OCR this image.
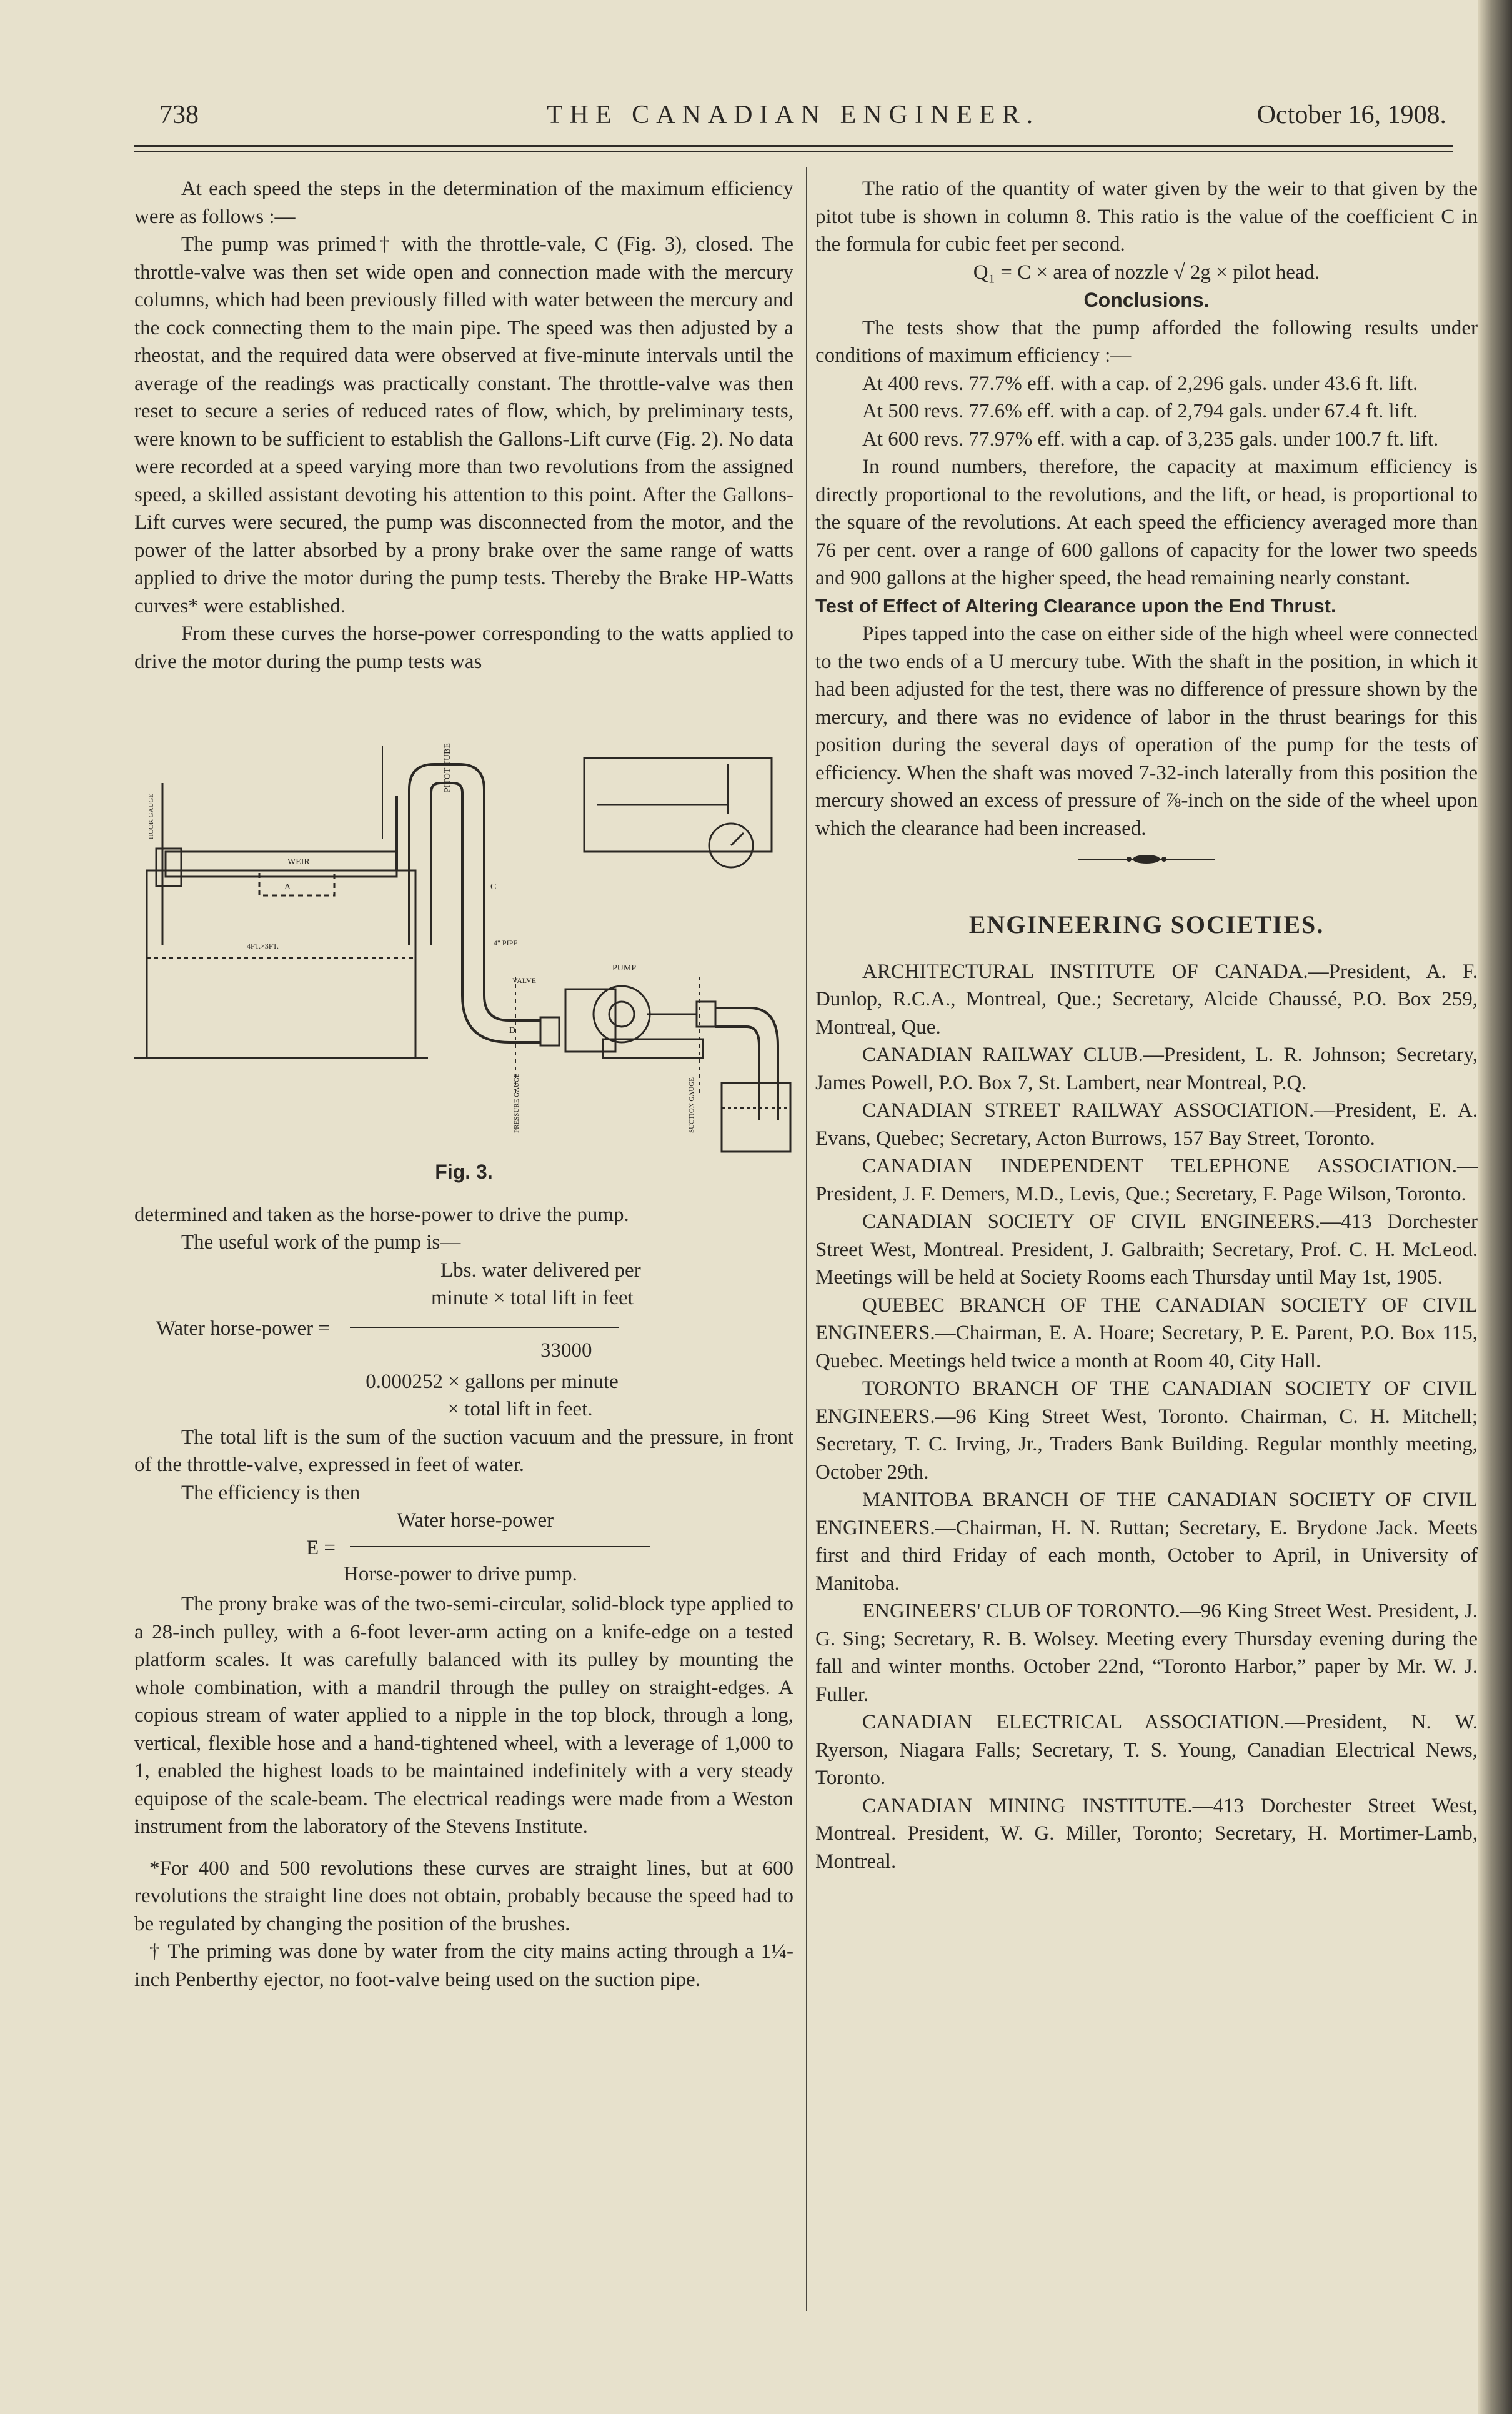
738	THE CANADIAN ENGINEER.	October 16, 1908.

At each speed the steps in the determination of the maximum efficiency were as follows :—

The pump was primed† with the throttle-vale, C (Fig. 3), closed. The throttle-valve was then set wide open and connection made with the mercury columns, which had been previously filled with water between the mercury and the cock connecting them to the main pipe. The speed was then adjusted by a rheostat, and the required data were observed at five-minute intervals until the average of the readings was practically constant. The throttle-valve was then reset to secure a series of reduced rates of flow, which, by preliminary tests, were known to be sufficient to establish the Gallons-Lift curve (Fig. 2). No data were recorded at a speed varying more than two revolutions from the assigned speed, a skilled assistant devoting his attention to this point. After the Gallons-Lift curves were secured, the pump was disconnected from the motor, and the power of the latter absorbed by a prony brake over the same range of watts applied to drive the motor during the pump tests. Thereby the Brake HP-Watts curves* were established.

From these curves the horse-power corresponding to the watts applied to drive the motor during the pump tests was

PITOT TUBE
WEIR
4FT.×3FT.
PUMP
VALVE
4" PIPE
PRESSURE GAUGE	SUCTION GAUGE
HOOK GAUGE
C
D
A
Fig. 3.

determined and taken as the horse-power to drive the pump.

The useful work of the pump is—

Lbs. water delivered per
minute × total lift in feet
Water horse-power =
33000

0.000252 × gallons per minute

× total lift in feet.

The total lift is the sum of the suction vacuum and the pressure, in front of the throttle-valve, expressed in feet of water.

The efficiency is then

Water horse-power
E =
Horse-power to drive pump.

The prony brake was of the two-semi-circular, solid-block type applied to a 28-inch pulley, with a 6-foot lever-arm acting on a knife-edge on a tested platform scales. It was carefully balanced with its pulley by mounting the whole combination, with a mandril through the pulley on straight-edges. A copious stream of water applied to a nipple in the top block, through a long, vertical, flexible hose and a hand-tightened wheel, with a leverage of 1,000 to 1, enabled the highest loads to be maintained indefinitely with a very steady equipose of the scale-beam. The electrical readings were made from a Weston instrument from the laboratory of the Stevens Institute.

*For 400 and 500 revolutions these curves are straight lines, but at 600 revolutions the straight line does not obtain, probably because the speed had to be regulated by changing the position of the brushes.

† The priming was done by water from the city mains acting through a 1¼-inch Penberthy ejector, no foot-valve being used on the suction pipe.

The ratio of the quantity of water given by the weir to that given by the pitot tube is shown in column 8. This ratio is the value of the coefficient C in the formula for cubic feet per second.

Q₁ = C × area of nozzle √ 2g × pilot head.

Conclusions.

The tests show that the pump afforded the following results under conditions of maximum efficiency :—

At 400 revs. 77.7% eff. with a cap. of 2,296 gals. under 43.6 ft. lift.

At 500 revs. 77.6% eff. with a cap. of 2,794 gals. under 67.4 ft. lift.

At 600 revs. 77.97% eff. with a cap. of 3,235 gals. under 100.7 ft. lift.

In round numbers, therefore, the capacity at maximum efficiency is directly proportional to the revolutions, and the lift, or head, is proportional to the square of the revolutions. At each speed the efficiency averaged more than 76 per cent. over a range of 600 gallons of capacity for the lower two speeds and 900 gallons at the higher speed, the head remaining nearly constant.

Test of Effect of Altering Clearance upon the End Thrust.

Pipes tapped into the case on either side of the high wheel were connected to the two ends of a U mercury tube. With the shaft in the position, in which it had been adjusted for the test, there was no difference of pressure shown by the mercury, and there was no evidence of labor in the thrust bearings for this position during the several days of operation of the pump for the tests of efficiency. When the shaft was moved 7-32-inch laterally from this position the mercury showed an excess of pressure of ⅞-inch on the side of the wheel upon which the clearance had been increased.

ENGINEERING SOCIETIES.

ARCHITECTURAL INSTITUTE OF CANADA.—President, A. F. Dunlop, R.C.A., Montreal, Que.; Secretary, Alcide Chaussé, P.O. Box 259, Montreal, Que.

CANADIAN RAILWAY CLUB.—President, L. R. Johnson; Secretary, James Powell, P.O. Box 7, St. Lambert, near Montreal, P.Q.

CANADIAN STREET RAILWAY ASSOCIATION.—President, E. A. Evans, Quebec; Secretary, Acton Burrows, 157 Bay Street, Toronto.

CANADIAN INDEPENDENT TELEPHONE ASSOCIATION.—President, J. F. Demers, M.D., Levis, Que.; Secretary, F. Page Wilson, Toronto.

CANADIAN SOCIETY OF CIVIL ENGINEERS.—413 Dorchester Street West, Montreal. President, J. Galbraith; Secretary, Prof. C. H. McLeod. Meetings will be held at Society Rooms each Thursday until May 1st, 1905.

QUEBEC BRANCH OF THE CANADIAN SOCIETY OF CIVIL ENGINEERS.—Chairman, E. A. Hoare; Secretary, P. E. Parent, P.O. Box 115, Quebec. Meetings held twice a month at Room 40, City Hall.

TORONTO BRANCH OF THE CANADIAN SOCIETY OF CIVIL ENGINEERS.—96 King Street West, Toronto. Chairman, C. H. Mitchell; Secretary, T. C. Irving, Jr., Traders Bank Building. Regular monthly meeting, October 29th.

MANITOBA BRANCH OF THE CANADIAN SOCIETY OF CIVIL ENGINEERS.—Chairman, H. N. Ruttan; Secretary, E. Brydone Jack. Meets first and third Friday of each month, October to April, in University of Manitoba.

ENGINEERS' CLUB OF TORONTO.—96 King Street West. President, J. G. Sing; Secretary, R. B. Wolsey. Meeting every Thursday evening during the fall and winter months. October 22nd, “Toronto Harbor,” paper by Mr. W. J. Fuller.

CANADIAN ELECTRICAL ASSOCIATION.—President, N. W. Ryerson, Niagara Falls; Secretary, T. S. Young, Canadian Electrical News, Toronto.

CANADIAN MINING INSTITUTE.—413 Dorchester Street West, Montreal. President, W. G. Miller, Toronto; Secretary, H. Mortimer-Lamb, Montreal.
